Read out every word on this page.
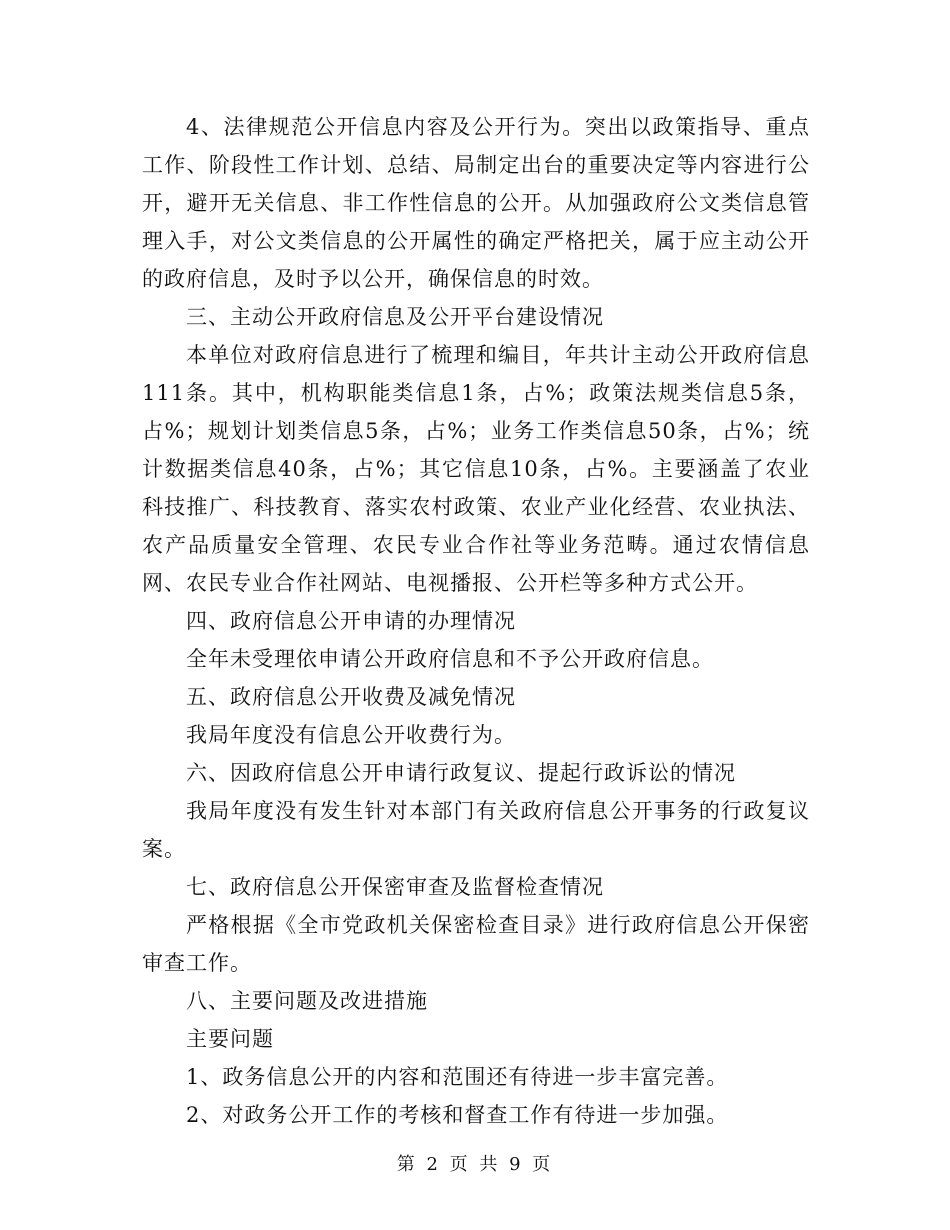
4、法律规范公开信息内容及公开行为。突出以政策指导、重点工作、阶段性工作计划、总结、局制定出台的重要决定等内容进行公开，避开无关信息、非工作性信息的公开。从加强政府公文类信息管理入手，对公文类信息的公开属性的确定严格把关，属于应主动公开的政府信息，及时予以公开，确保信息的时效。

三、主动公开政府信息及公开平台建设情况

本单位对政府信息进行了梳理和编目，年共计主动公开政府信息111条。其中，机构职能类信息1条，占%；政策法规类信息5条，占%；规划计划类信息5条，占%；业务工作类信息50条，占%；统计数据类信息40条，占%；其它信息10条，占%。主要涵盖了农业科技推广、科技教育、落实农村政策、农业产业化经营、农业执法、农产品质量安全管理、农民专业合作社等业务范畴。通过农情信息网、农民专业合作社网站、电视播报、公开栏等多种方式公开。

四、政府信息公开申请的办理情况

全年未受理依申请公开政府信息和不予公开政府信息。

五、政府信息公开收费及减免情况

我局年度没有信息公开收费行为。

六、因政府信息公开申请行政复议、提起行政诉讼的情况

我局年度没有发生针对本部门有关政府信息公开事务的行政复议案。

七、政府信息公开保密审查及监督检查情况

严格根据《全市党政机关保密检查目录》进行政府信息公开保密审查工作。

八、主要问题及改进措施

主要问题

1、政务信息公开的内容和范围还有待进一步丰富完善。

2、对政务公开工作的考核和督查工作有待进一步加强。

第 2 页 共 9 页
